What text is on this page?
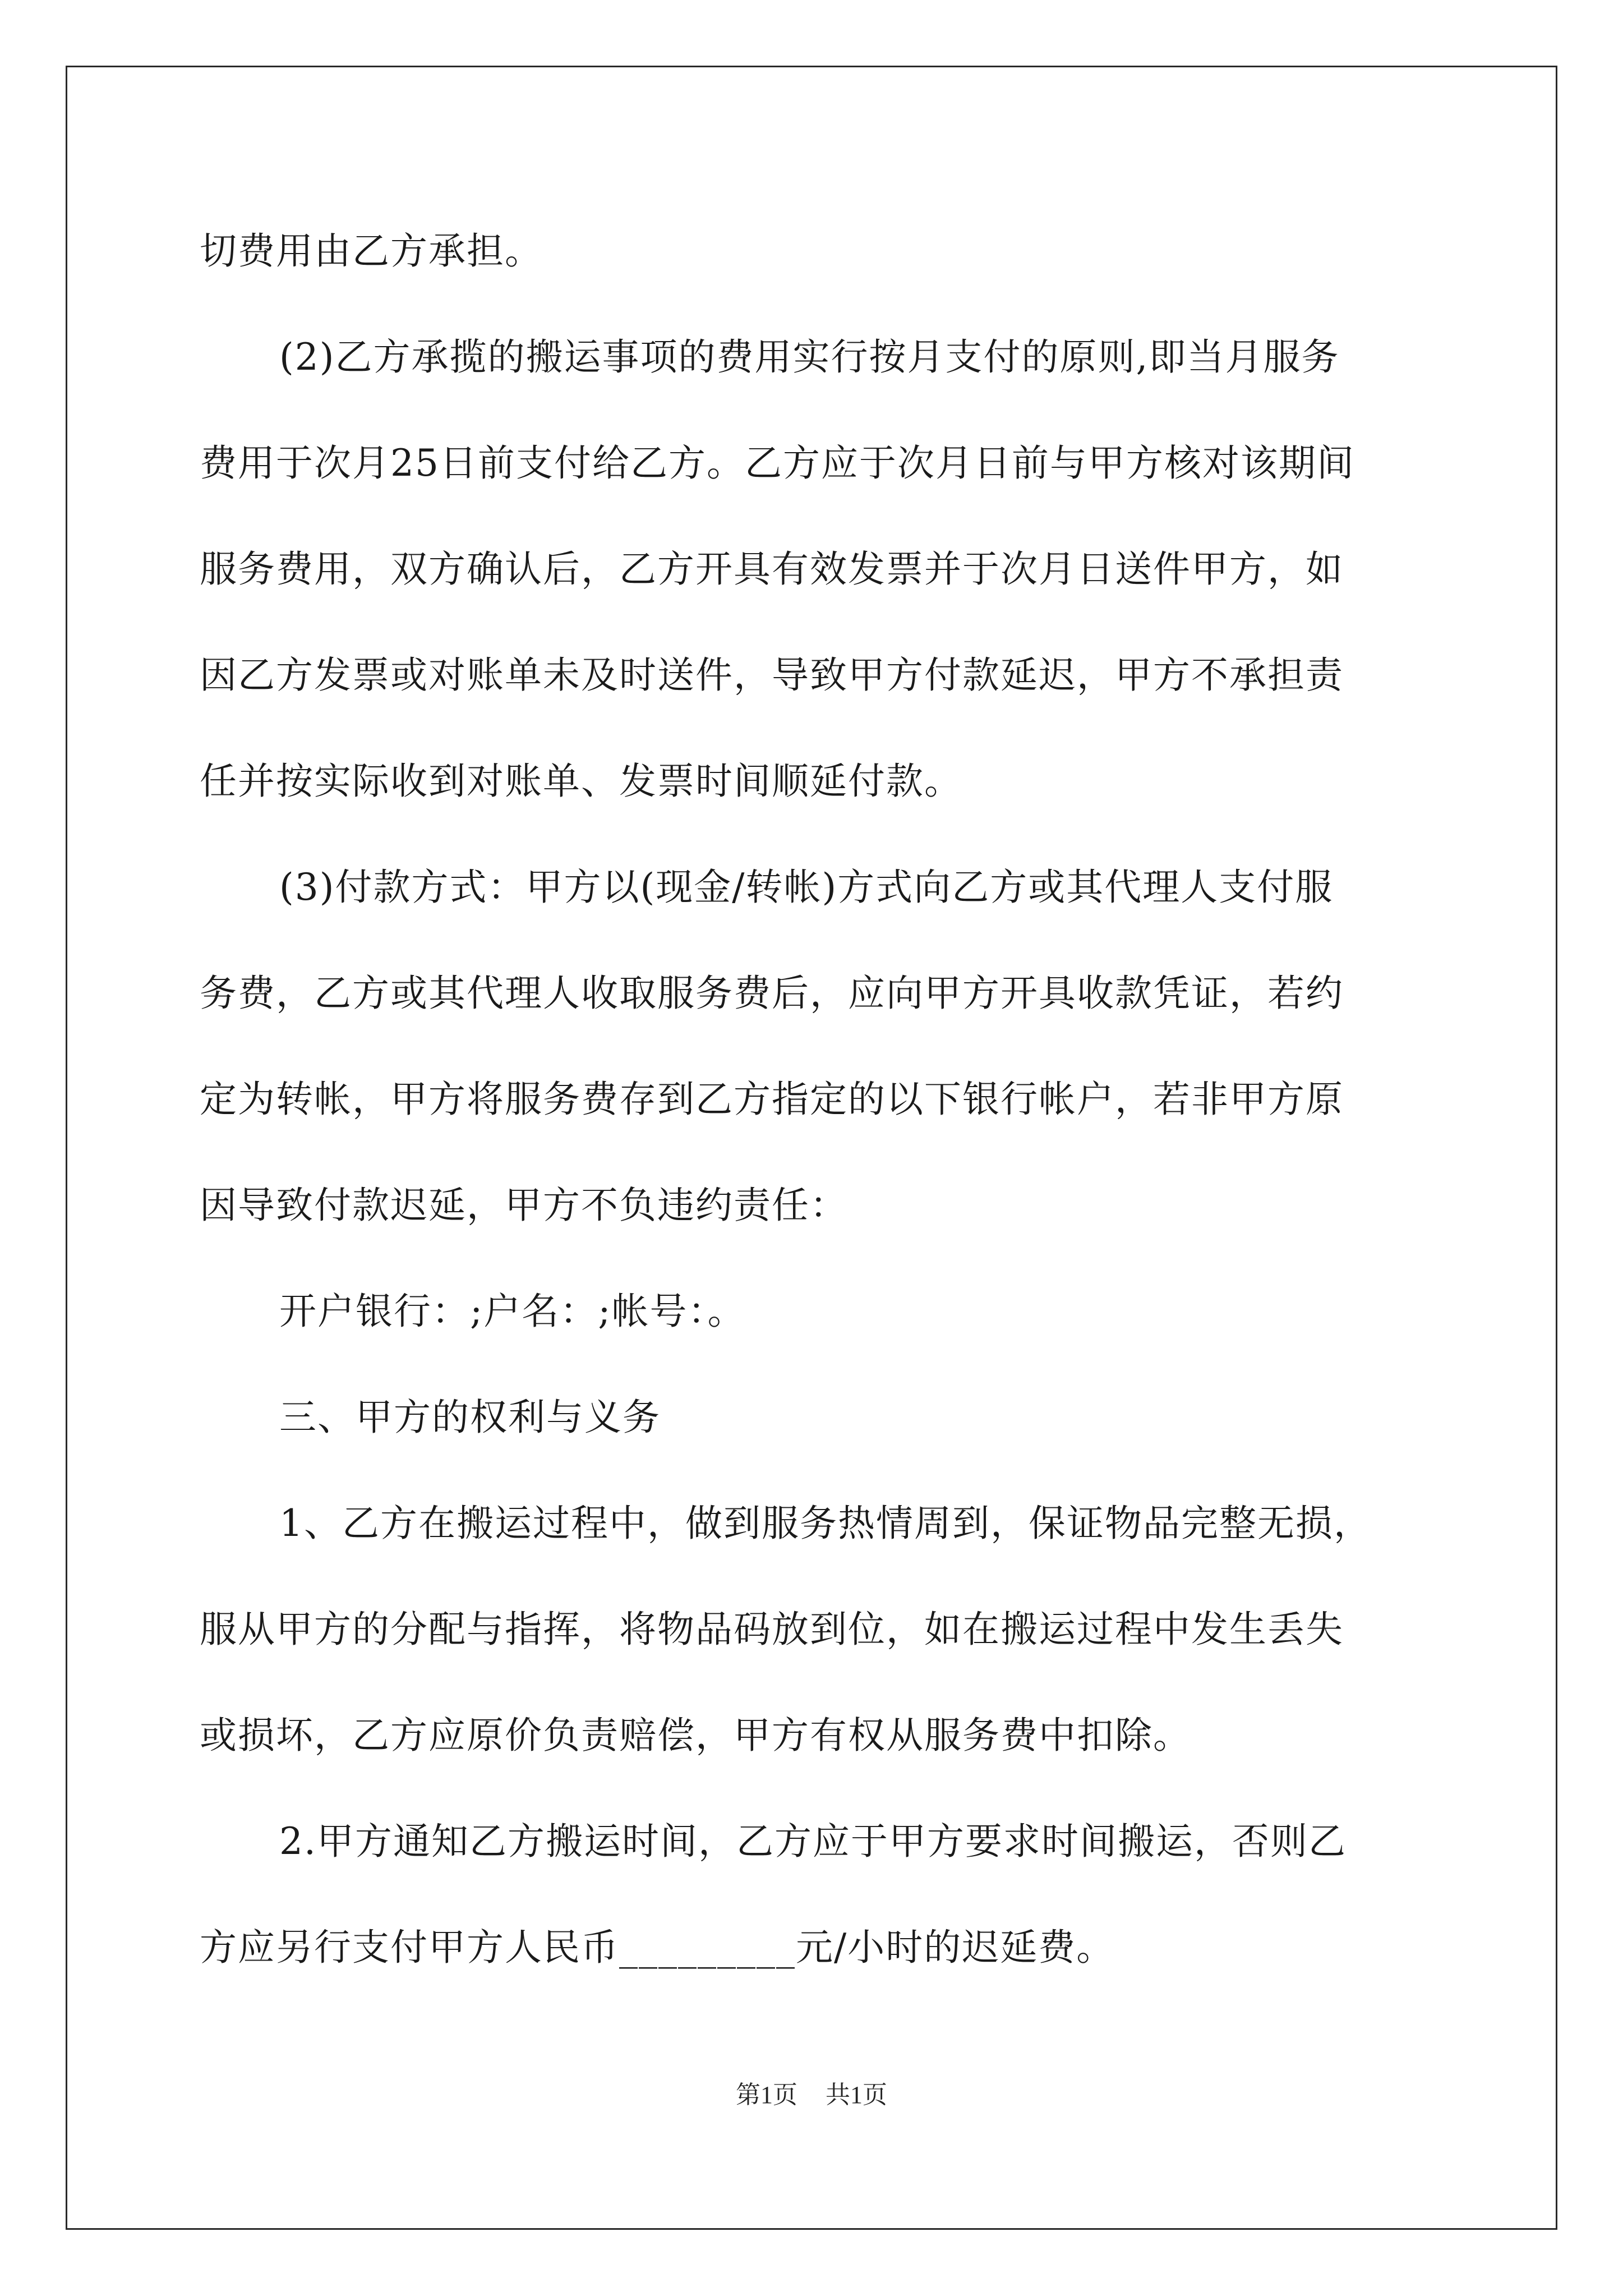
切费用由乙方承担。
(2)乙方承揽的搬运事项的费用实行按月支付的原则,即当月服务
费用于次月25日前支付给乙方。乙方应于次月日前与甲方核对该期间
服务费用，双方确认后，乙方开具有效发票并于次月日送件甲方，如
因乙方发票或对账单未及时送件，导致甲方付款延迟，甲方不承担责
任并按实际收到对账单、发票时间顺延付款。
(3)付款方式：甲方以(现金/转帐)方式向乙方或其代理人支付服
务费，乙方或其代理人收取服务费后，应向甲方开具收款凭证，若约
定为转帐，甲方将服务费存到乙方指定的以下银行帐户，若非甲方原
因导致付款迟延，甲方不负违约责任：
开户银行：;户名：;帐号：。
三、甲方的权利与义务
1、乙方在搬运过程中，做到服务热情周到，保证物品完整无损，
服从甲方的分配与指挥，将物品码放到位，如在搬运过程中发生丢失
或损坏，乙方应原价负责赔偿，甲方有权从服务费中扣除。
2.甲方通知乙方搬运时间，乙方应于甲方要求时间搬运，否则乙
方应另行支付甲方人民币_________元/小时的迟延费。
第1页 共1页
